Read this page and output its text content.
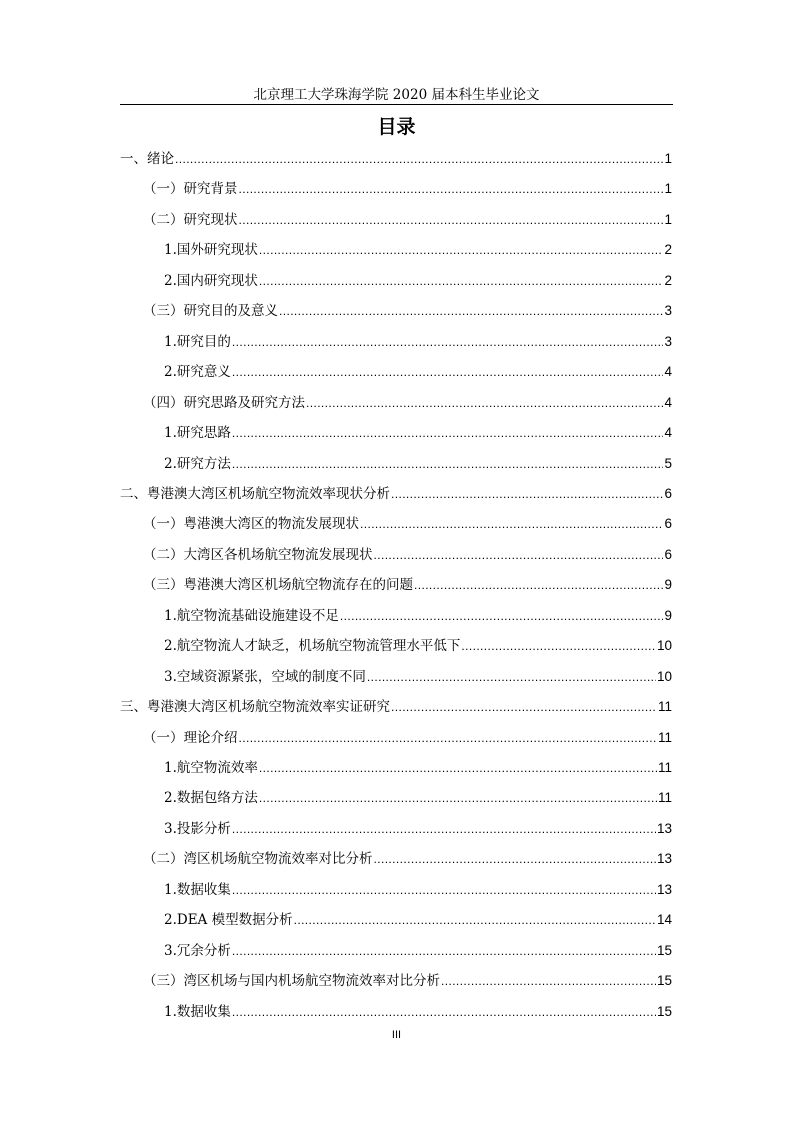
北京理工大学珠海学院 2020 届本科生毕业论文
目录
一、绪论 .....	1
（一）研究背景 .....	1
（二）研究现状 .....	1
1.国外研究现状 .....	2
2.国内研究现状 .....	2
（三）研究目的及意义 .....	3
1.研究目的 .....	3
2.研究意义 .....	4
（四）研究思路及研究方法 .....	4
1.研究思路 .....	4
2.研究方法 .....	5
二、粤港澳大湾区机场航空物流效率现状分析 .....	6
（一）粤港澳大湾区的物流发展现状 .....	6
（二）大湾区各机场航空物流发展现状 .....	6
（三）粤港澳大湾区机场航空物流存在的问题 .....	9
1.航空物流基础设施建设不足 .....	9
2.航空物流人才缺乏，机场航空物流管理水平低下 .....	10
3.空域资源紧张，空域的制度不同 .....	10
三、粤港澳大湾区机场航空物流效率实证研究 .....	11
（一）理论介绍 .....	11
1.航空物流效率 .....	11
2.数据包络方法 .....	11
3.投影分析 .....	13
（二）湾区机场航空物流效率对比分析 .....	13
1.数据收集 .....	13
2.DEA 模型数据分析 .....	14
3.冗余分析 .....	15
（三）湾区机场与国内机场航空物流效率对比分析 .....	15
1.数据收集 .....	15
III
